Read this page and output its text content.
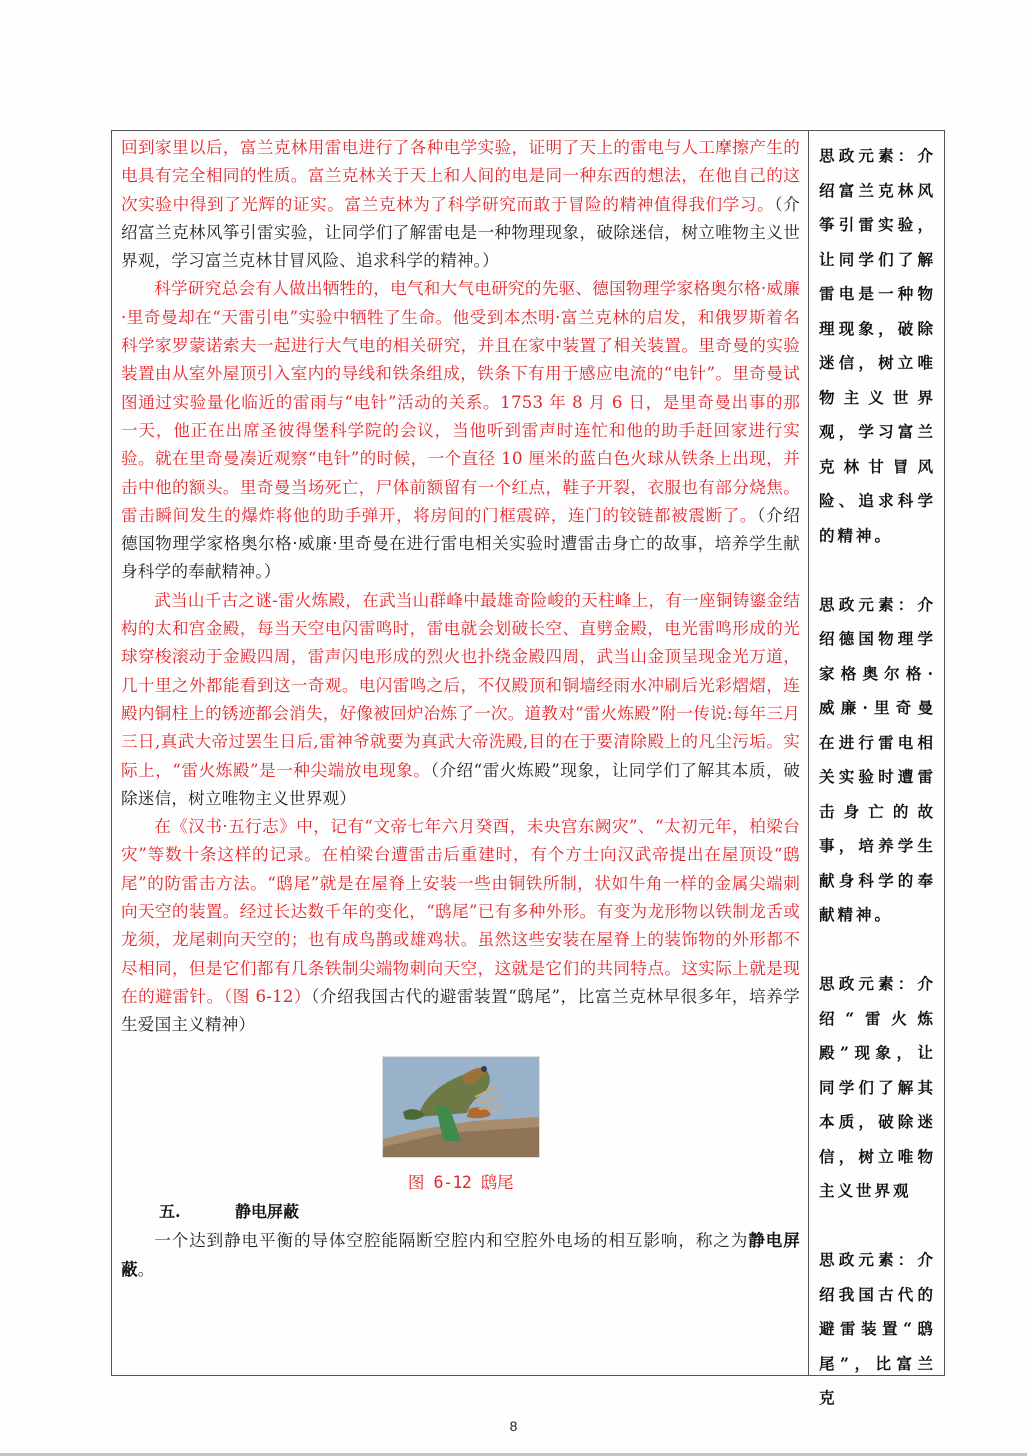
回到家里以后，富兰克林用雷电进行了各种电学实验，证明了天上的雷电与人工摩擦产生的电具有完全相同的性质。富兰克林关于天上和人间的电是同一种东西的想法，在他自己的这次实验中得到了光辉的证实。富兰克林为了科学研究而敢于冒险的精神值得我们学习。（介绍富兰克林风筝引雷实验，让同学们了解雷电是一种物理现象，破除迷信，树立唯物主义世界观，学习富兰克林甘冒风险、追求科学的精神。）

科学研究总会有人做出牺牲的，电气和大气电研究的先驱、德国物理学家格奥尔格·威廉·里奇曼却在“天雷引电”实验中牺牲了生命。他受到本杰明·富兰克林的启发，和俄罗斯着名科学家罗蒙诺索夫一起进行大气电的相关研究，并且在家中装置了相关装置。里奇曼的实验装置由从室外屋顶引入室内的导线和铁条组成，铁条下有用于感应电流的“电针”。里奇曼试图通过实验量化临近的雷雨与“电针”活动的关系。1753 年 8 月 6 日，是里奇曼出事的那一天，他正在出席圣彼得堡科学院的会议，当他听到雷声时连忙和他的助手赶回家进行实验。就在里奇曼凑近观察“电针”的时候，一个直径 10 厘米的蓝白色火球从铁条上出现，并击中他的额头。里奇曼当场死亡，尸体前额留有一个红点，鞋子开裂，衣服也有部分烧焦。雷击瞬间发生的爆炸将他的助手弹开，将房间的门框震碎，连门的铰链都被震断了。（介绍德国物理学家格奥尔格·威廉·里奇曼在进行雷电相关实验时遭雷击身亡的故事，培养学生献身科学的奉献精神。）

武当山千古之谜-雷火炼殿，在武当山群峰中最雄奇险峻的天柱峰上，有一座铜铸鎏金结构的太和宫金殿，每当天空电闪雷鸣时，雷电就会划破长空、直劈金殿，电光雷鸣形成的光球穿梭滚动于金殿四周，雷声闪电形成的烈火也扑绕金殿四周，武当山金顶呈现金光万道，几十里之外都能看到这一奇观。电闪雷鸣之后，不仅殿顶和铜墙经雨水冲刷后光彩熠熠，连殿内铜柱上的锈迹都会消失，好像被回炉冶炼了一次。道教对“雷火炼殿”附一传说:每年三月三日,真武大帝过罢生日后,雷神爷就要为真武大帝洗殿,目的在于要清除殿上的凡尘污垢。实际上，“雷火炼殿”是一种尖端放电现象。（介绍“雷火炼殿”现象，让同学们了解其本质，破除迷信，树立唯物主义世界观）

在《汉书·五行志》中，记有“文帝七年六月癸酉，未央宫东阙灾”、“太初元年，柏梁台灾”等数十条这样的记录。在柏梁台遭雷击后重建时，有个方士向汉武帝提出在屋顶设“鸱尾”的防雷击方法。“鸱尾”就是在屋脊上安装一些由铜铁所制，状如牛角一样的金属尖端刺向天空的装置。经过长达数千年的变化，“鸱尾”已有多种外形。有变为龙形物以铁制龙舌或龙须，龙尾刺向天空的；也有成鸟鹊或雄鸡状。虽然这些安装在屋脊上的装饰物的外形都不尽相同，但是它们都有几条铁制尖端物刺向天空，这就是它们的共同特点。这实际上就是现在的避雷针。（图 6-12）（介绍我国古代的避雷装置“鸱尾”，比富兰克林早很多年，培养学生爱国主义精神）

图 6-12 鸱尾
五.	静电屏蔽

一个达到静电平衡的导体空腔能隔断空腔内和空腔外电场的相互影响，称之为静电屏蔽。

思政元素：介绍富兰克林风筝引雷实验，让同学们了解雷电是一种物理现象，破除迷信，树立唯物主义世界观，学习富兰克林甘冒风险、追求科学的精神。

思政元素：介绍德国物理学家格奥尔格·威廉·里奇曼在进行雷电相关实验时遭雷击身亡的故事，培养学生献身科学的奉献精神。

思政元素：介绍“雷火炼殿”现象，让同学们了解其本质，破除迷信，树立唯物主义世界观

思政元素：介绍我国古代的避雷装置“鸱尾”，比富兰克

8
